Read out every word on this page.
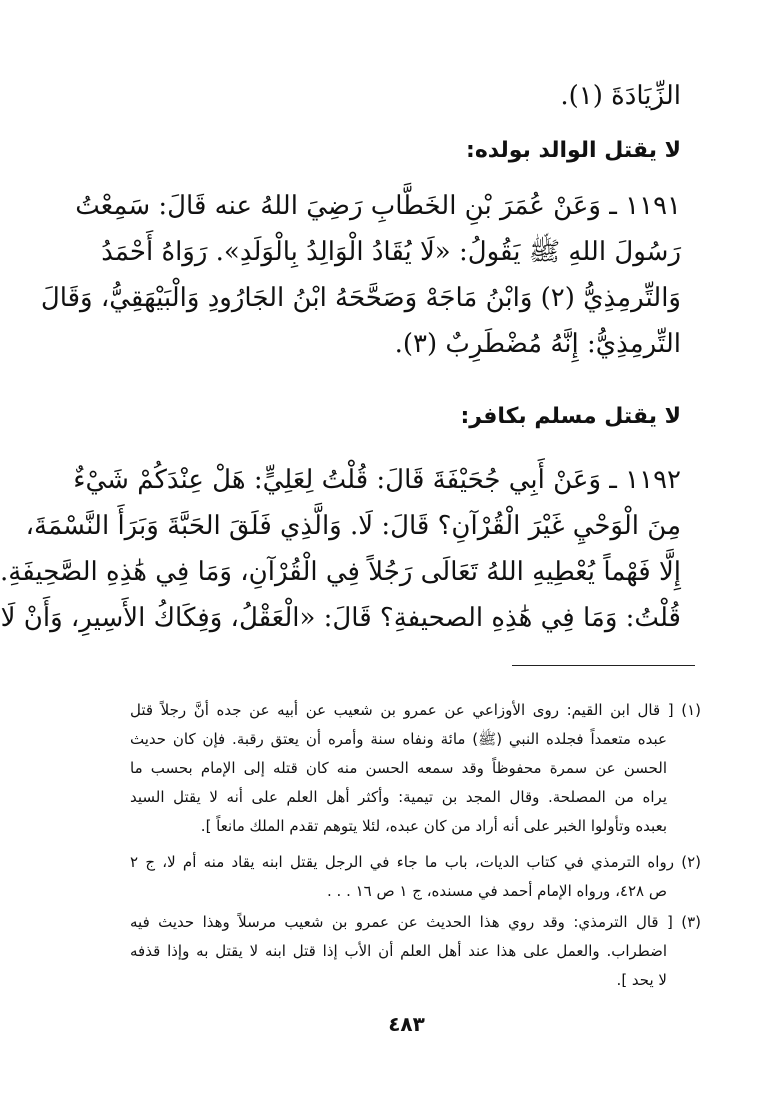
الزِّيَادَةَ (١).
لا يقتل الوالد بولده:
١١٩١ ـ وَعَنْ عُمَرَ بْنِ الخَطَّابِ رَضِيَ اللهُ عنه قَالَ: سَمِعْتُ
رَسُولَ اللهِ ﷺ يَقُولُ: «لَا يُقَادُ الْوَالِدُ بِالْوَلَدِ». رَوَاهُ أَحْمَدُ
وَالتِّرمِذِيُّ (٢) وَابْنُ مَاجَهْ وَصَحَّحَهُ ابْنُ الجَارُودِ وَالْبَيْهَقِيُّ، وَقَالَ
التِّرمِذِيُّ: إِنَّهُ مُضْطَرِبٌ (٣).
لا يقتل مسلم بكافر:
١١٩٢ ـ وَعَنْ أَبِي جُحَيْفَةَ قَالَ: قُلْتُ لِعَلِيٍّ: هَلْ عِنْدَكُمْ شَيْءٌ
مِنَ الْوَحْيِ غَيْرَ الْقُرْآنِ؟ قَالَ: لَا. وَالَّذِي فَلَقَ الحَبَّةَ وَبَرَأَ النَّسْمَةَ،
إِلَّا فَهْماً يُعْطِيهِ اللهُ تَعَالَى رَجُلاً فِي الْقُرْآنِ، وَمَا فِي هَٰذِهِ الصَّحِيفَةِ.
قُلْتُ: وَمَا فِي هَٰذِهِ الصحيفةِ؟ قَالَ: «الْعَقْلُ، وَفِكَاكُ الأَسِيرِ، وَأَنْ لَا
(١) [ قال ابن القيم: روى الأوزاعي عن عمرو بن شعيب عن أبيه عن جده أنَّ رجلاً قتل
عبده متعمداً فجلده النبي (ﷺ) مائة ونفاه سنة وأمره أن يعتق رقبة. فإن كان حديث
الحسن عن سمرة محفوظاً وقد سمعه الحسن منه كان قتله إلى الإمام بحسب ما
يراه من المصلحة. وقال المجد بن تيمية: وأكثر أهل العلم على أنه لا يقتل السيد
بعبده وتأولوا الخبر على أنه أراد من كان عبده، لئلا يتوهم تقدم الملك مانعاً ].
(٢) رواه الترمذي في كتاب الديات، باب ما جاء في الرجل يقتل ابنه يقاد منه أم لا، ج ٢
ص ٤٢٨، ورواه الإمام أحمد في مسنده، ج ١ ص ١٦ . . .
(٣) [ قال الترمذي: وقد روي هذا الحديث عن عمرو بن شعيب مرسلاً وهذا حديث فيه
اضطراب. والعمل على هذا عند أهل العلم أن الأب إذا قتل ابنه لا يقتل به وإذا قذفه
لا يحد ].
٤٨٣
